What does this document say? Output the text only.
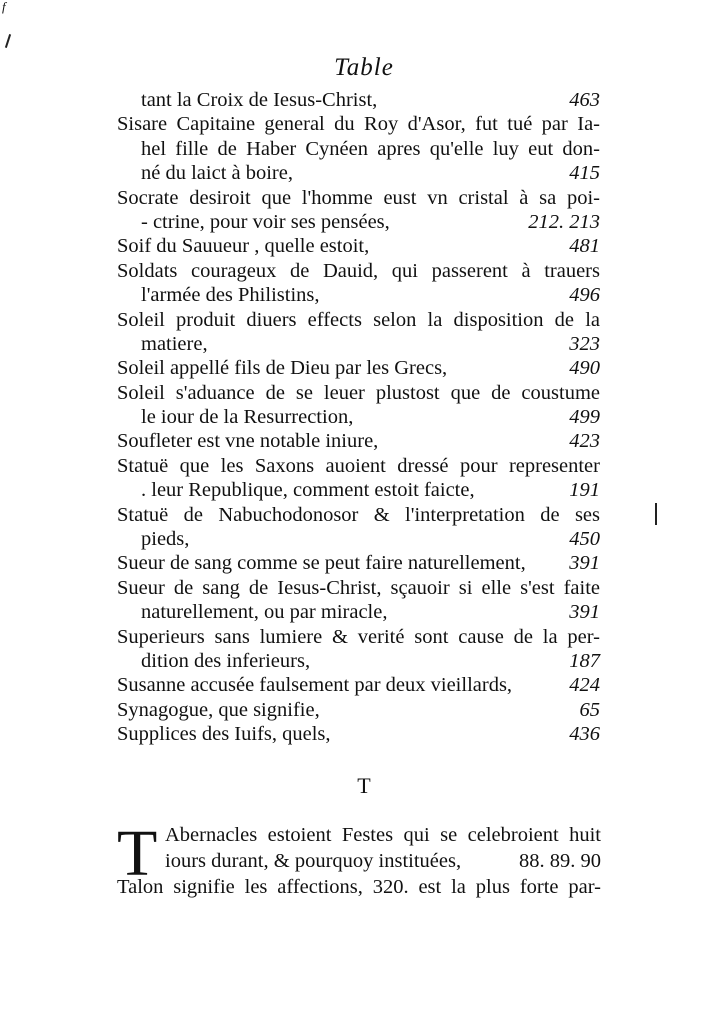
f
Table
tant la Croix de Iesus-Christ,	463
Sisare Capitaine general du Roy d'Asor, fut tué par Ia-
hel fille de Haber Cynéen apres qu'elle luy eut don-
né du laict à boire,	415
Socrate desiroit que l'homme eust vn cristal à sa poi-
- ctrine, pour voir ses pensées,	212. 213
Soif du Sauueur , quelle estoit,	481
Soldats courageux de Dauid, qui passerent à trauers
l'armée des Philistins,	496
Soleil produit diuers effects selon la disposition de la
matiere,	323
Soleil appellé fils de Dieu par les Grecs,	490
Soleil s'aduance de se leuer plustost que de coustume
le iour de la Resurrection,	499
Soufleter est vne notable iniure,	423
Statuë que les Saxons auoient dressé pour representer
. leur Republique, comment estoit faicte,	191
Statuë de Nabuchodonosor & l'interpretation de ses
pieds,	450
Sueur de sang comme se peut faire naturellement,	391
Sueur de sang de Iesus-Christ, sçauoir si elle s'est faite
naturellement, ou par miracle,	391
Superieurs sans lumiere & verité sont cause de la per-
dition des inferieurs,	187
Susanne accusée faulsement par deux vieillards,	424
Synagogue, que signifie,	65
Supplices des Iuifs, quels,	436
T
T Abernacles estoient Festes qui se celebroient huit
iours durant, & pourquoy instituées,	88. 89. 90
Talon signifie les affections, 320. est la plus forte par-
